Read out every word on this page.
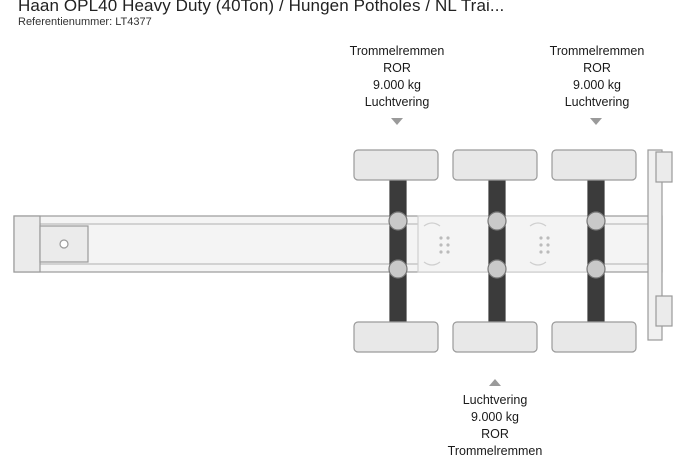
Haan OPL40 Heavy Duty (40Ton) / Hungen Potholes / NL Trai...
Referentienummer: LT4377
Trommelremmen
ROR
9.000 kg
Luchtvering
Trommelremmen
ROR
9.000 kg
Luchtvering
Luchtvering
9.000 kg
ROR
Trommelremmen
